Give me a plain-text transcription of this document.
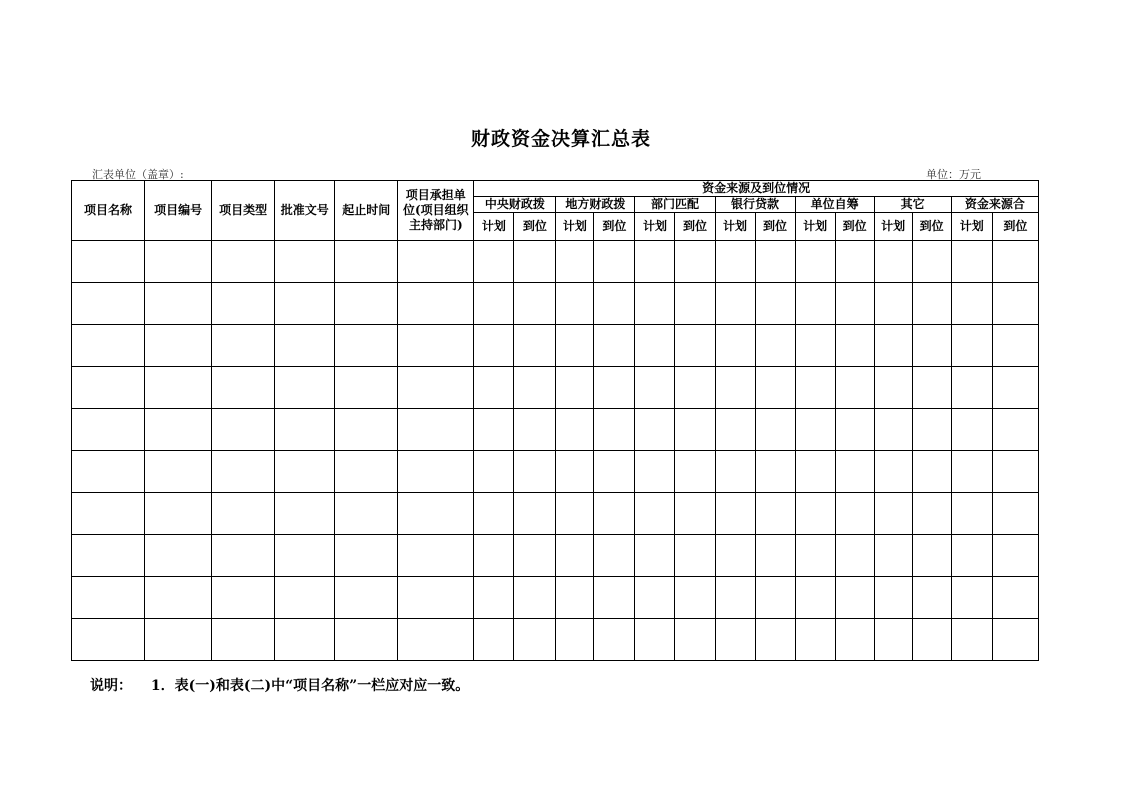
财政资金决算汇总表
汇表单位（盖章）:	单位：万元
项目名称	项目编号	项目类型	批准文号	起止时间	项目承担单位(项目组织主持部门)	资金来源及到位情况													
						中央财政拨		地方财政拨		部门匹配		银行贷款		单位自筹		其它		资金来源合	
						计划	到位	计划	到位	计划	到位	计划	到位	计划	到位	计划	到位	计划	到位

说明： 1．表(一)和表(二)中“项目名称”一栏应对应一致。
